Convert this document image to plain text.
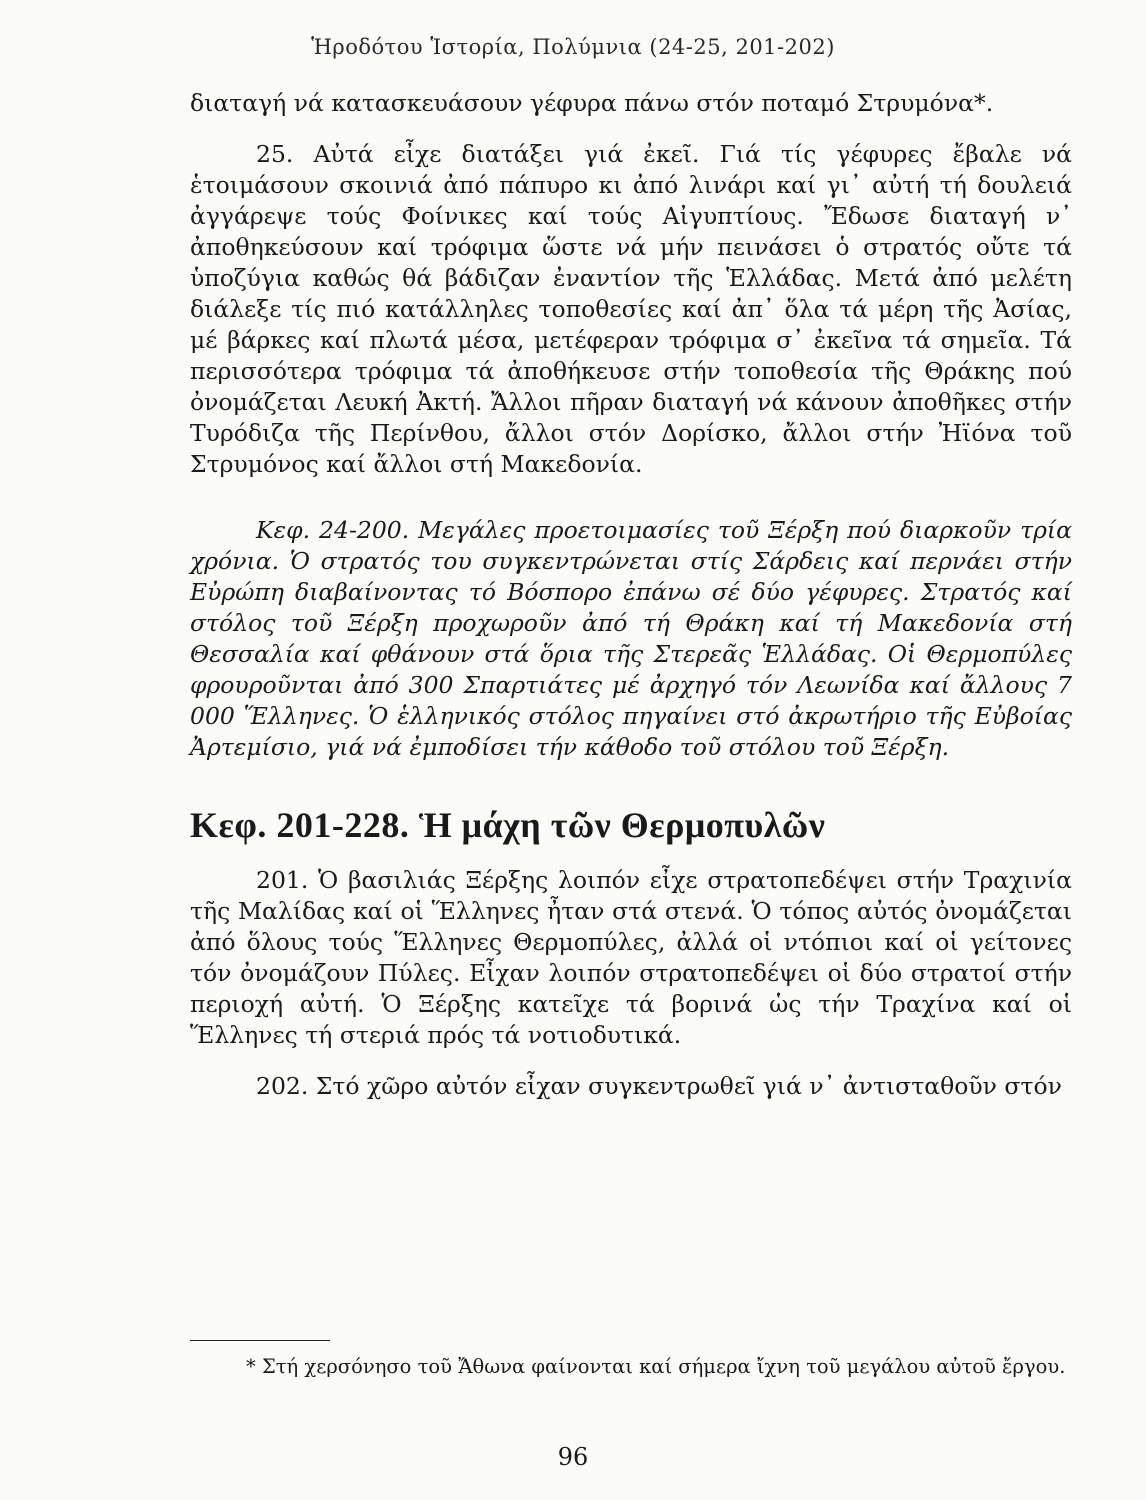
Ἡροδότου Ἱστορία, Πολύμνια (24-25, 201-202)

διαταγή νά κατασκευάσουν γέφυρα πάνω στόν ποταμό Στρυμόνα*.

25. Αὐτά εἶχε διατάξει γιά ἐκεῖ. Γιά τίς γέφυρες ἔβαλε νά ἑτοιμάσουν σκοινιά ἀπό πάπυρο κι ἀπό λινάρι καί γι᾽ αὐτή τή δουλειά ἀγγάρεψε τούς Φοίνικες καί τούς Αἰγυπτίους. Ἔδωσε διαταγή ν᾽ ἀποθηκεύσουν καί τρόφιμα ὥστε νά μήν πεινάσει ὁ στρατός οὔτε τά ὑποζύγια καθώς θά βάδιζαν ἐναντίον τῆς Ἑλλάδας. Μετά ἀπό μελέτη διάλεξε τίς πιό κατάλληλες τοποθεσίες καί ἀπ᾽ ὅλα τά μέρη τῆς Ἀσίας, μέ βάρκες καί πλωτά μέσα, μετέφεραν τρόφιμα σ᾽ ἐκεῖνα τά σημεῖα. Τά περισσότερα τρόφιμα τά ἀποθήκευσε στήν τοποθεσία τῆς Θράκης πού ὀνομάζεται Λευκή Ἀκτή. Ἄλλοι πῆραν διαταγή νά κάνουν ἀποθῆκες στήν Τυρόδιζα τῆς Περίνθου, ἄλλοι στόν Δορίσκο, ἄλλοι στήν Ἠϊόνα τοῦ Στρυμόνος καί ἄλλοι στή Μακεδονία.

Κεφ. 24-200. Μεγάλες προετοιμασίες τοῦ Ξέρξη πού διαρκοῦν τρία χρόνια. Ὁ στρατός του συγκεντρώνεται στίς Σάρδεις καί περνάει στήν Εὐρώπη διαβαίνοντας τό Βόσπορο ἐπάνω σέ δύο γέφυρες. Στρατός καί στόλος τοῦ Ξέρξη προχωροῦν ἀπό τή Θράκη καί τή Μακεδονία στή Θεσσαλία καί φθάνουν στά ὅρια τῆς Στερεᾶς Ἑλλάδας. Οἱ Θερμοπύλες φρουροῦνται ἀπό 300 Σπαρτιάτες μέ ἀρχηγό τόν Λεωνίδα καί ἄλλους 7 000 Ἕλληνες. Ὁ ἑλληνικός στόλος πηγαίνει στό ἀκρωτήριο τῆς Εὐβοίας Ἀρτεμίσιο, γιά νά ἐμποδίσει τήν κάθοδο τοῦ στόλου τοῦ Ξέρξη.

Κεφ. 201-228. Ἡ μάχη τῶν Θερμοπυλῶν

201. Ὁ βασιλιάς Ξέρξης λοιπόν εἶχε στρατοπεδέψει στήν Τραχινία τῆς Μαλίδας καί οἱ Ἕλληνες ἦταν στά στενά. Ὁ τόπος αὐτός ὀνομάζεται ἀπό ὅλους τούς Ἕλληνες Θερμοπύλες, ἀλλά οἱ ντόπιοι καί οἱ γείτονες τόν ὀνομάζουν Πύλες. Εἶχαν λοιπόν στρατοπεδέψει οἱ δύο στρατοί στήν περιοχή αὐτή. Ὁ Ξέρξης κατεῖχε τά βορινά ὡς τήν Τραχίνα καί οἱ Ἕλληνες τή στεριά πρός τά νοτιοδυτικά.

202. Στό χῶρο αὐτόν εἶχαν συγκεντρωθεῖ γιά ν᾽ ἀντισταθοῦν στόν

* Στή χερσόνησο τοῦ Ἄθωνα φαίνονται καί σήμερα ἴχνη τοῦ μεγάλου αὐτοῦ ἔργου.

96
